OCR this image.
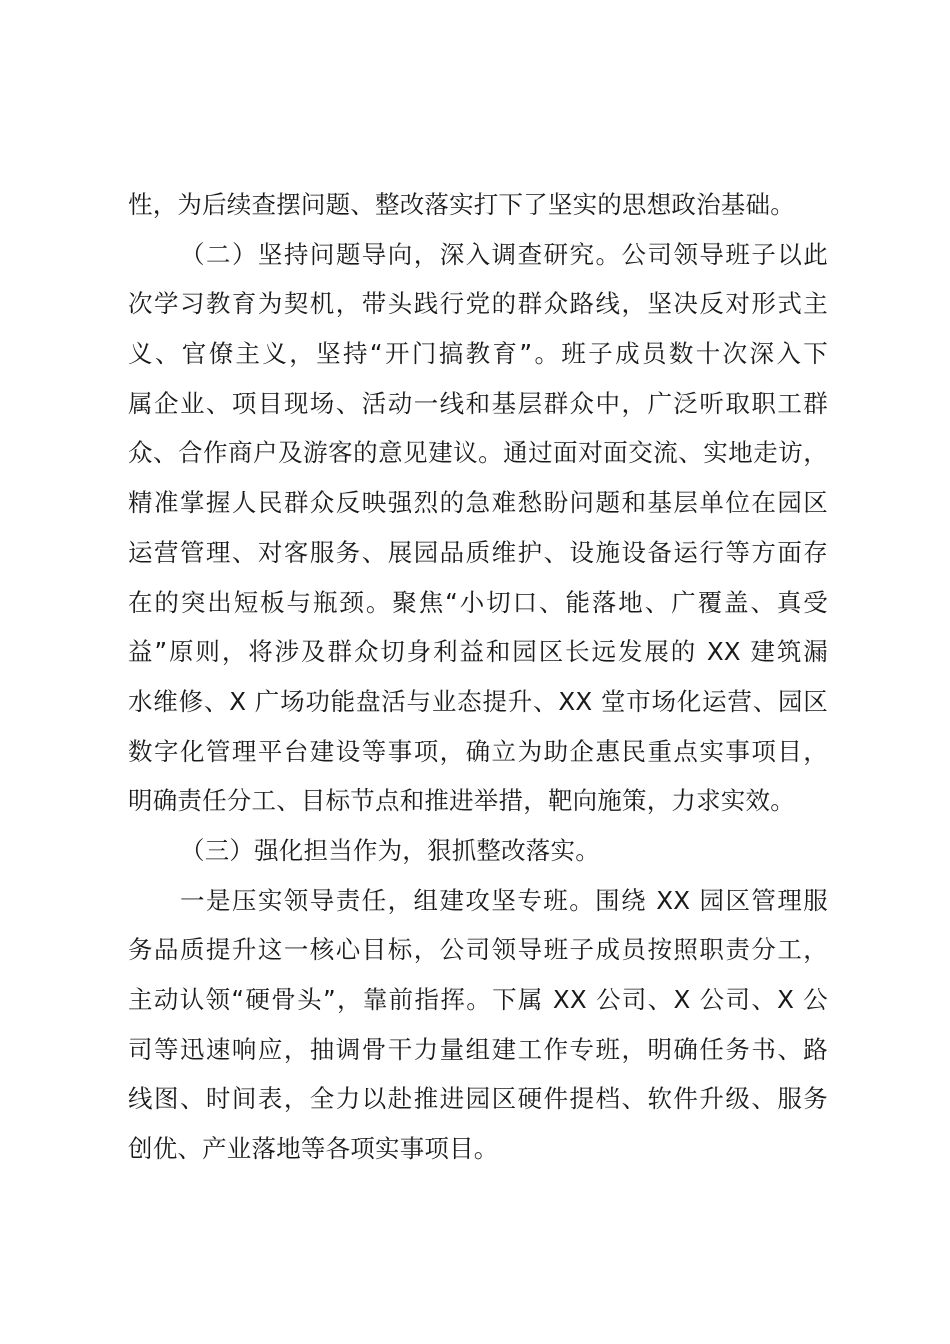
性，为后续查摆问题、整改落实打下了坚实的思想政治基础。
（二）坚持问题导向，深入调查研究。公司领导班子以此
次学习教育为契机，带头践行党的群众路线，坚决反对形式主
义、官僚主义，坚持“开门搞教育”。班子成员数十次深入下
属企业、项目现场、活动一线和基层群众中，广泛听取职工群
众、合作商户及游客的意见建议。通过面对面交流、实地走访，
精准掌握人民群众反映强烈的急难愁盼问题和基层单位在园区
运营管理、对客服务、展园品质维护、设施设备运行等方面存
在的突出短板与瓶颈。聚焦“小切口、能落地、广覆盖、真受
益”原则，将涉及群众切身利益和园区长远发展的 XX 建筑漏
水维修、X 广场功能盘活与业态提升、XX 堂市场化运营、园区
数字化管理平台建设等事项，确立为助企惠民重点实事项目，
明确责任分工、目标节点和推进举措，靶向施策，力求实效。
（三）强化担当作为，狠抓整改落实。
一是压实领导责任，组建攻坚专班。围绕 XX 园区管理服
务品质提升这一核心目标，公司领导班子成员按照职责分工，
主动认领“硬骨头”，靠前指挥。下属 XX 公司、X 公司、X 公
司等迅速响应，抽调骨干力量组建工作专班，明确任务书、路
线图、时间表，全力以赴推进园区硬件提档、软件升级、服务
创优、产业落地等各项实事项目。
